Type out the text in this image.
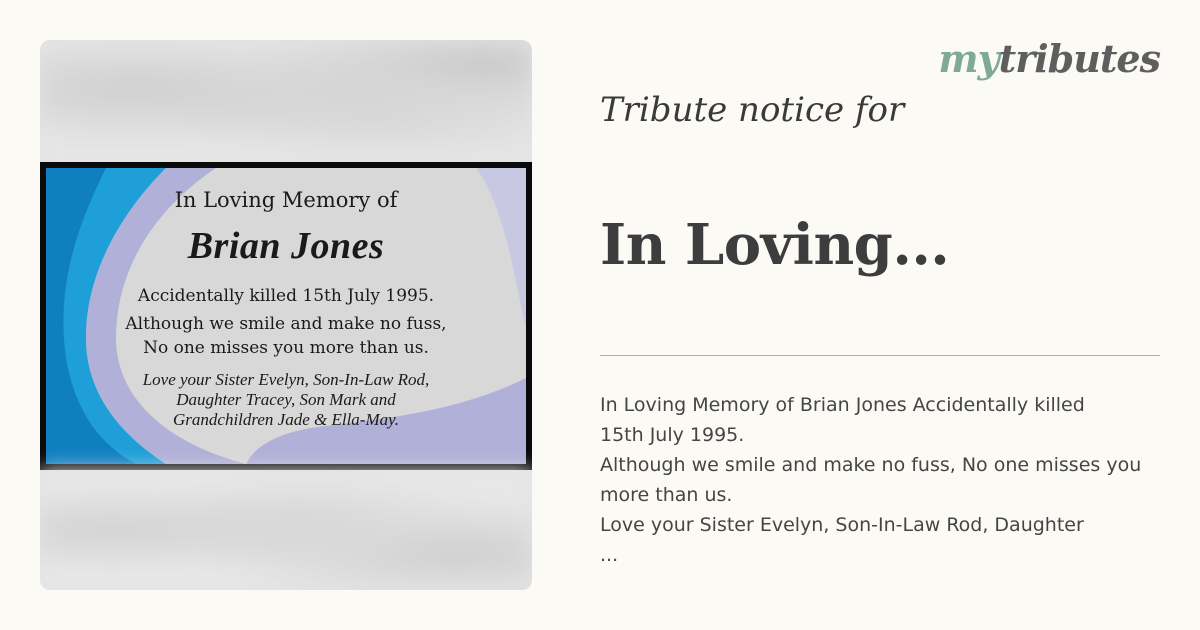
In Loving Memory of
Brian Jones
Accidentally killed 15th July 1995.
Although we smile and make no fuss,
No one misses you more than us.
Love your Sister Evelyn, Son-In-Law Rod,
Daughter Tracey, Son Mark and
Grandchildren Jade & Ella-May.
mytributes
Tribute notice for
In Loving...
In Loving Memory of Brian Jones Accidentally killed
15th July 1995.
Although we smile and make no fuss, No one misses you
more than us.
Love your Sister Evelyn, Son-In-Law Rod, Daughter
...
